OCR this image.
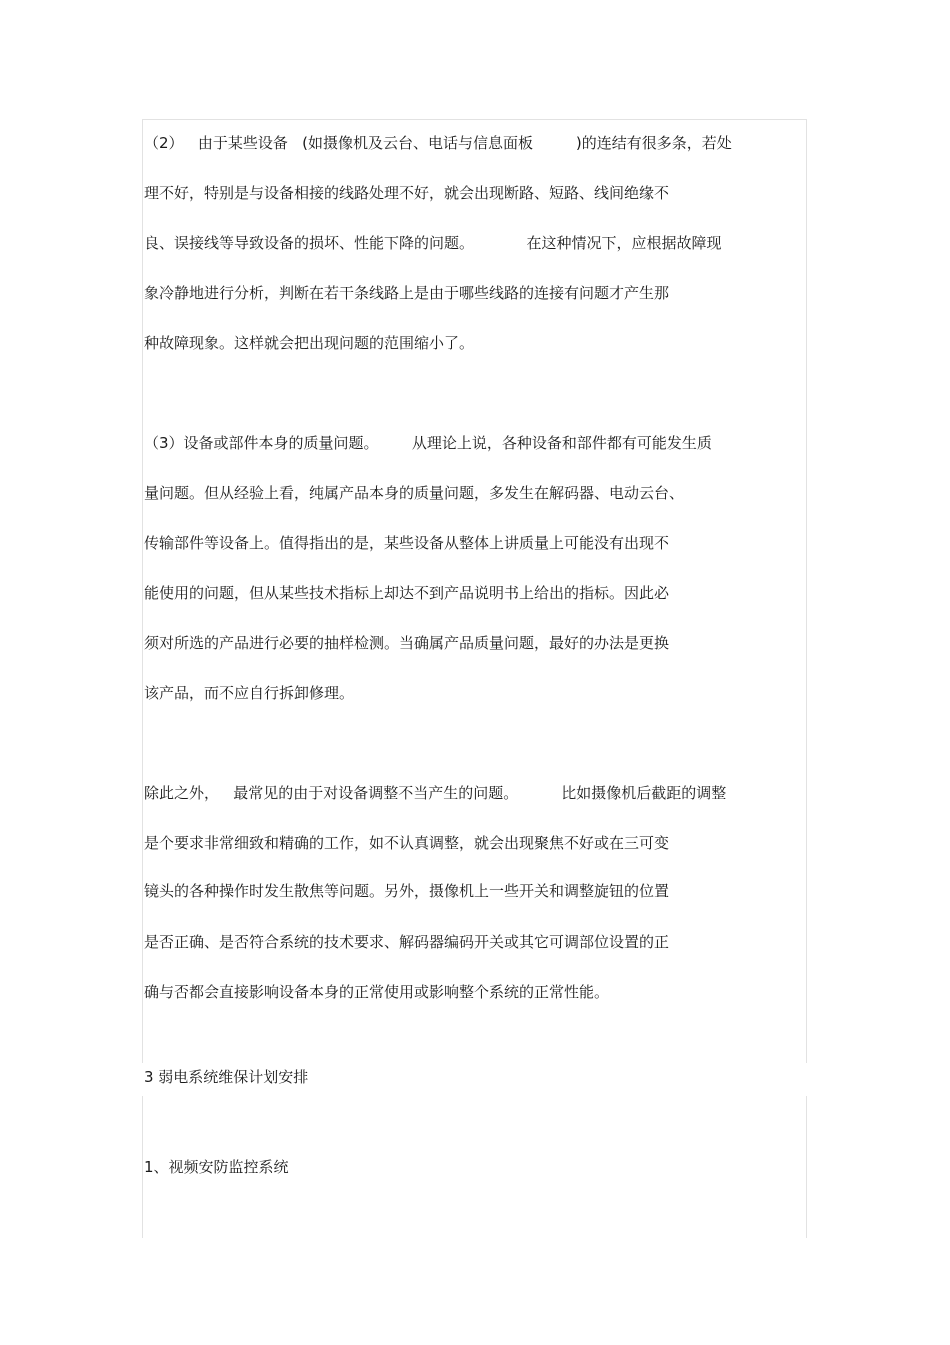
（2）   由于某些设备   (如摄像机及云台、电话与信息面板         )的连结有很多条，若处
理不好，特别是与设备相接的线路处理不好，就会出现断路、短路、线间绝缘不
良、误接线等导致设备的损坏、性能下降的问题。           在这种情况下，应根据故障现
象冷静地进行分析，判断在若干条线路上是由于哪些线路的连接有问题才产生那
种故障现象。这样就会把出现问题的范围缩小了。
（3）设备或部件本身的质量问题。       从理论上说，各种设备和部件都有可能发生质
量问题。但从经验上看，纯属产品本身的质量问题，多发生在解码器、电动云台、
传输部件等设备上。值得指出的是，某些设备从整体上讲质量上可能没有出现不
能使用的问题，但从某些技术指标上却达不到产品说明书上给出的指标。因此必
须对所选的产品进行必要的抽样检测。当确属产品质量问题，最好的办法是更换
该产品，而不应自行拆卸修理。
除此之外，   最常见的由于对设备调整不当产生的问题。         比如摄像机后截距的调整
是个要求非常细致和精确的工作，如不认真调整，就会出现聚焦不好或在三可变
镜头的各种操作时发生散焦等问题。另外，摄像机上一些开关和调整旋钮的位置
是否正确、是否符合系统的技术要求、解码器编码开关或其它可调部位设置的正
确与否都会直接影响设备本身的正常使用或影响整个系统的正常性能。
3 弱电系统维保计划安排
1、视频安防监控系统
